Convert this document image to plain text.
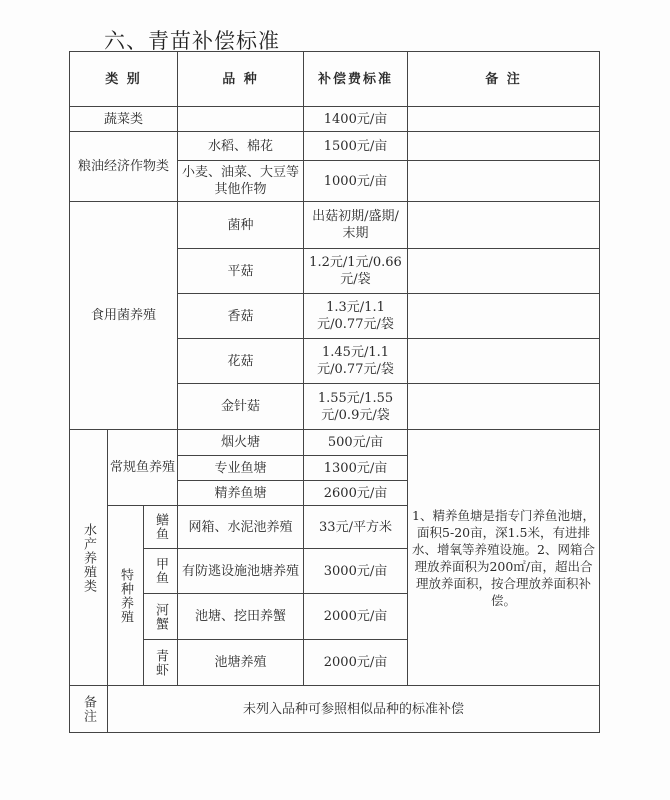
六、青苗补偿标准
类 别			品 种	补偿费标准	备 注
蔬菜类				1400元/亩	
粮油经济作物类			水稻、棉花	1500元/亩	
			小麦、油菜、大豆等其他作物	1000元/亩	
食用菌养殖			菌种	出菇初期/盛期/末期	
			平菇	1.2元/1元/0.66元/袋	
			香菇	1.3元/1.1元/0.77元/袋	
			花菇	1.45元/1.1元/0.77元/袋	
			金针菇	1.55元/1.55元/0.9元/袋	
水产养殖类	常规鱼养殖		烟火塘	500元/亩	1、精养鱼塘是指专门养鱼池塘，面积5-20亩，深1.5米，有进排水、增氧等养殖设施。2、网箱合理放养面积为200㎡/亩，超出合理放养面积，按合理放养面积补偿。
			专业鱼塘	1300元/亩	
			精养鱼塘	2600元/亩	
	特种养殖	鳝鱼	网箱、水泥池养殖	33元/平方米	
		甲鱼	有防逃设施池塘养殖	3000元/亩	
		河蟹	池塘、挖田养蟹	2000元/亩	
		青虾	池塘养殖	2000元/亩	
备注	未列入品种可参照相似品种的标准补偿				
